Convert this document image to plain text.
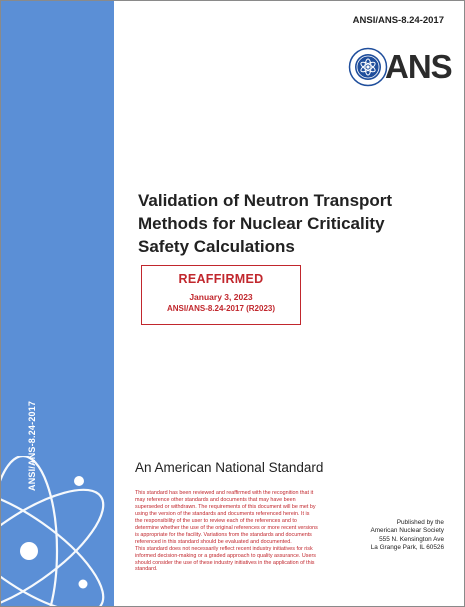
ANSI/ANS-8.24-2017
ANSI/ANS-8.24-2017
ANS
Validation of Neutron Transport
Methods for Nuclear Criticality
Safety Calculations
REAFFIRMED
January 3, 2023
ANSI/ANS-8.24-2017 (R2023)
An American National Standard
This standard has been reviewed and reaffirmed with the recognition that it
may reference other standards and documents that may have been
superseded or withdrawn. The requirements of this document will be met by
using the version of the standards and documents referenced herein. It is
the responsibility of the user to review each of the references and to
determine whether the use of the original references or more recent versions
is appropriate for the facility. Variations from the standards and documents
referenced in this standard should be evaluated and documented.
This standard does not necessarily reflect recent industry initiatives for risk
informed decision-making or a graded approach to quality assurance. Users
should consider the use of these industry initiatives in the application of this
standard.
Published by the
American Nuclear Society
555 N. Kensington Ave
La Grange Park, IL 60526
